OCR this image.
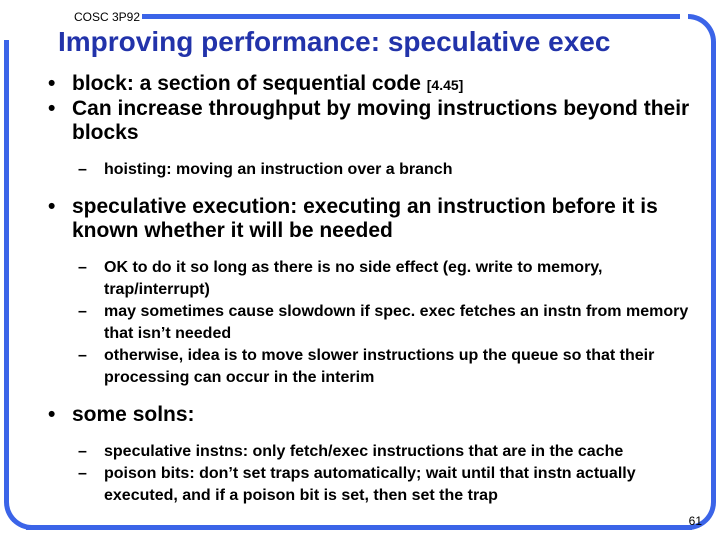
COSC 3P92
Improving performance: speculative exec
• block: a section of sequential code [4.45]
• Can increase throughput by moving instructions beyond their blocks
– hoisting: moving an instruction over a branch
• speculative execution: executing an instruction before it is known whether it will be needed
– OK to do it so long as there is no side effect (eg. write to memory, trap/interrupt)
– may sometimes cause slowdown if spec. exec fetches an instn from memory that isn’t needed
– otherwise, idea is to move slower instructions up the queue so that their processing can occur in the interim
• some solns:
– speculative instns: only fetch/exec instructions that are in the cache
– poison bits: don’t set traps automatically; wait until that instn actually executed, and if a poison bit is set, then set the trap
61
